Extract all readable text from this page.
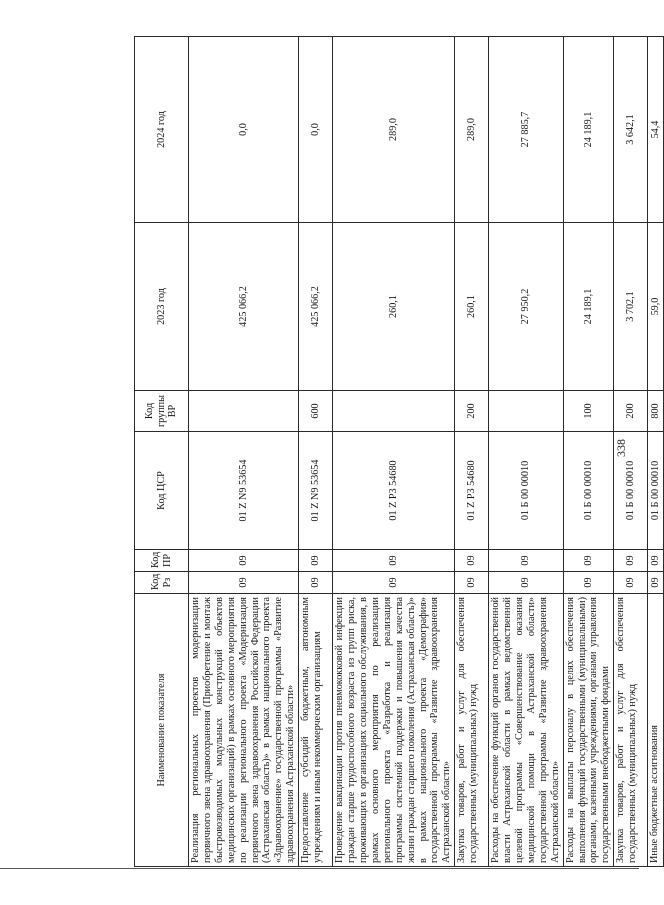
338
Наименование показателя	Код Рз	Код ПР	Код ЦСР	Код группы ВР	2023 год	2024 год
Реализация региональных проектов модернизации первичного звена здравоохранения (Приобретение и монтаж быстровозводимых модульных конструкций объектов медицинских организаций) в рамках основного мероприятия по реализации регионального проекта «Модернизация первичного звена здравоохранения Российской Федерации (Астраханская область)» в рамках национального проекта «Здравоохранение» государственной программы «Развитие здравоохранения Астраханской области»	09	09	01 Z N9 53654		425 066,2	0,0
Предоставление субсидий бюджетным, автономным учреждениям и иным некоммерческим организациям	09	09	01 Z N9 53654	600	425 066,2	0,0
Проведение вакцинации против пневмококковой инфекции граждан старше трудоспособного возраста из групп риска, проживающих в организациях социального обслуживания, в рамках основного мероприятия по реализации регионального проекта «Разработка и реализация программы системной поддержки и повышения качества жизни граждан старшего поколения (Астраханская область)» в рамках национального проекта «Демография» государственной программы «Развитие здравоохранения Астраханской области»	09	09	01 Z P3 54680		260,1	289,0
Закупка товаров, работ и услуг для обеспечения государственных (муниципальных) нужд	09	09	01 Z P3 54680	200	260,1	289,0
Расходы на обеспечение функций органов государственной власти Астраханской области в рамках ведомственной целевой программы «Совершенствование оказания медицинской помощи в Астраханской области» государственной программы «Развитие здравоохранения Астраханской области»	09	09	01 Б 00 00010		27 950,2	27 885,7
Расходы на выплаты персоналу в целях обеспечения выполнения функций государственными (муниципальными) органами, казенными учреждениями, органами управления государственными внебюджетными фондами	09	09	01 Б 00 00010	100	24 189,1	24 189,1
Закупка товаров, работ и услуг для обеспечения государственных (муниципальных) нужд	09	09	01 Б 00 00010	200	3 702,1	3 642,1
Иные бюджетные ассигнования	09	09	01 Б 00 00010	800	59,0	54,4
